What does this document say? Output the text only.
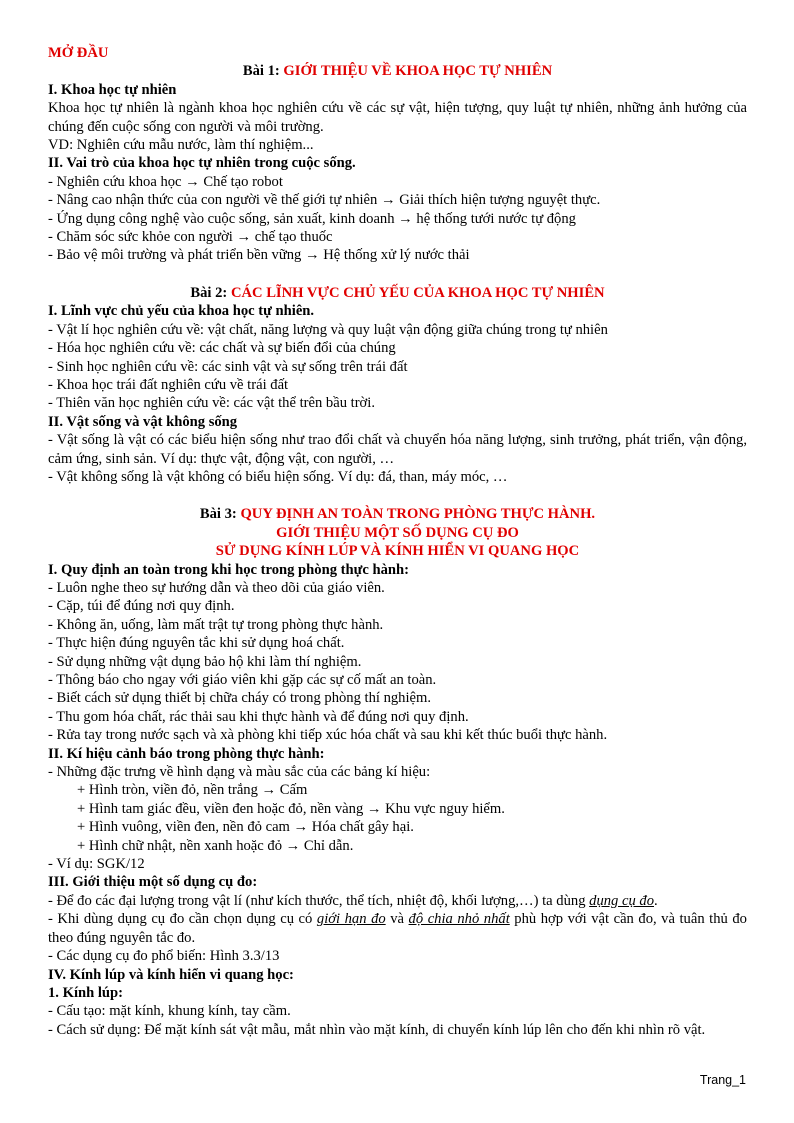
MỞ ĐẦU

Bài 1: GIỚI THIỆU VỀ KHOA HỌC TỰ NHIÊN

I. Khoa học tự nhiên

Khoa học tự nhiên là ngành khoa học nghiên cứu về các sự vật, hiện tượng, quy luật tự nhiên, những ảnh hưởng của chúng đến cuộc sống con người và môi trường.

VD: Nghiên cứu mẫu nước, làm thí nghiệm...

II. Vai trò của khoa học tự nhiên trong cuộc sống.

- Nghiên cứu khoa học → Chế tạo robot

- Nâng cao nhận thức của con người về thế giới tự nhiên → Giải thích hiện tượng nguyệt thực.

- Ứng dụng công nghệ vào cuộc sống, sản xuất, kinh doanh → hệ thống tưới nước tự động

- Chăm sóc sức khỏe con người → chế tạo thuốc

- Bảo vệ môi trường và phát triển bền vững → Hệ thống xử lý nước thải

Bài 2: CÁC LĨNH VỰC CHỦ YẾU CỦA KHOA HỌC TỰ NHIÊN

I. Lĩnh vực chủ yếu của khoa học tự nhiên.

- Vật lí học nghiên cứu về: vật chất, năng lượng và quy luật vận động giữa chúng trong tự nhiên

- Hóa học nghiên cứu về: các chất và sự biến đổi của chúng

- Sinh học nghiên cứu về: các sinh vật và sự sống trên trái đất

- Khoa học trái đất nghiên cứu về trái đất

- Thiên văn học nghiên cứu về: các vật thể trên bầu trời.

II. Vật sống và vật không sống

- Vật sống là vật có các biểu hiện sống như trao đổi chất và chuyển hóa năng lượng, sinh trưởng, phát triển, vận động, cảm ứng, sinh sản. Ví dụ: thực vật, động vật, con người, …

- Vật không sống là vật không có biểu hiện sống. Ví dụ: đá, than, máy móc, …

Bài 3: QUY ĐỊNH AN TOÀN TRONG PHÒNG THỰC HÀNH.

GIỚI THIỆU MỘT SỐ DỤNG CỤ ĐO

SỬ DỤNG KÍNH LÚP VÀ KÍNH HIỂN VI QUANG HỌC

I. Quy định an toàn trong khi học trong phòng thực hành:

- Luôn nghe theo sự hướng dẫn và theo dõi của giáo viên.

- Cặp, túi để đúng nơi quy định.

- Không ăn, uống, làm mất trật tự trong phòng thực hành.

- Thực hiện đúng nguyên tắc khi sử dụng hoá chất.

- Sử dụng những vật dụng bảo hộ khi làm thí nghiệm.

- Thông báo cho ngay với giáo viên khi gặp các sự cố mất an toàn.

- Biết cách sử dụng thiết bị chữa cháy có trong phòng thí nghiệm.

- Thu gom hóa chất, rác thải sau khi thực hành và để đúng nơi quy định.

- Rửa tay trong nước sạch và xà phòng khi tiếp xúc hóa chất và sau khi kết thúc buổi thực hành.

II. Kí hiệu cảnh báo trong phòng thực hành:

- Những đặc trưng về hình dạng và màu sắc của các bảng kí hiệu:

+ Hình tròn, viền đỏ, nền trắng → Cấm

+ Hình tam giác đều, viền đen hoặc đỏ, nền vàng → Khu vực nguy hiểm.

+ Hình vuông, viền đen, nền đỏ cam → Hóa chất gây hại.

+ Hình chữ nhật, nền xanh hoặc đỏ → Chỉ dẫn.

- Ví dụ: SGK/12

III. Giới thiệu một số dụng cụ đo:

- Để đo các đại lượng trong vật lí (như kích thước, thể tích, nhiệt độ, khối lượng,…) ta dùng dụng cụ đo.

- Khi dùng dụng cụ đo cần chọn dụng cụ có giới hạn đo và độ chia nhỏ nhất phù hợp với vật cần đo, và tuân thủ đo theo đúng nguyên tắc đo.

- Các dụng cụ đo phổ biến: Hình 3.3/13

IV. Kính lúp và kính hiển vi quang học:

1. Kính lúp:

- Cấu tạo: mặt kính, khung kính, tay cầm.

- Cách sử dụng: Để mặt kính sát vật mẫu, mắt nhìn vào mặt kính, di chuyển kính lúp lên cho đến khi nhìn rõ vật.

Trang_1
